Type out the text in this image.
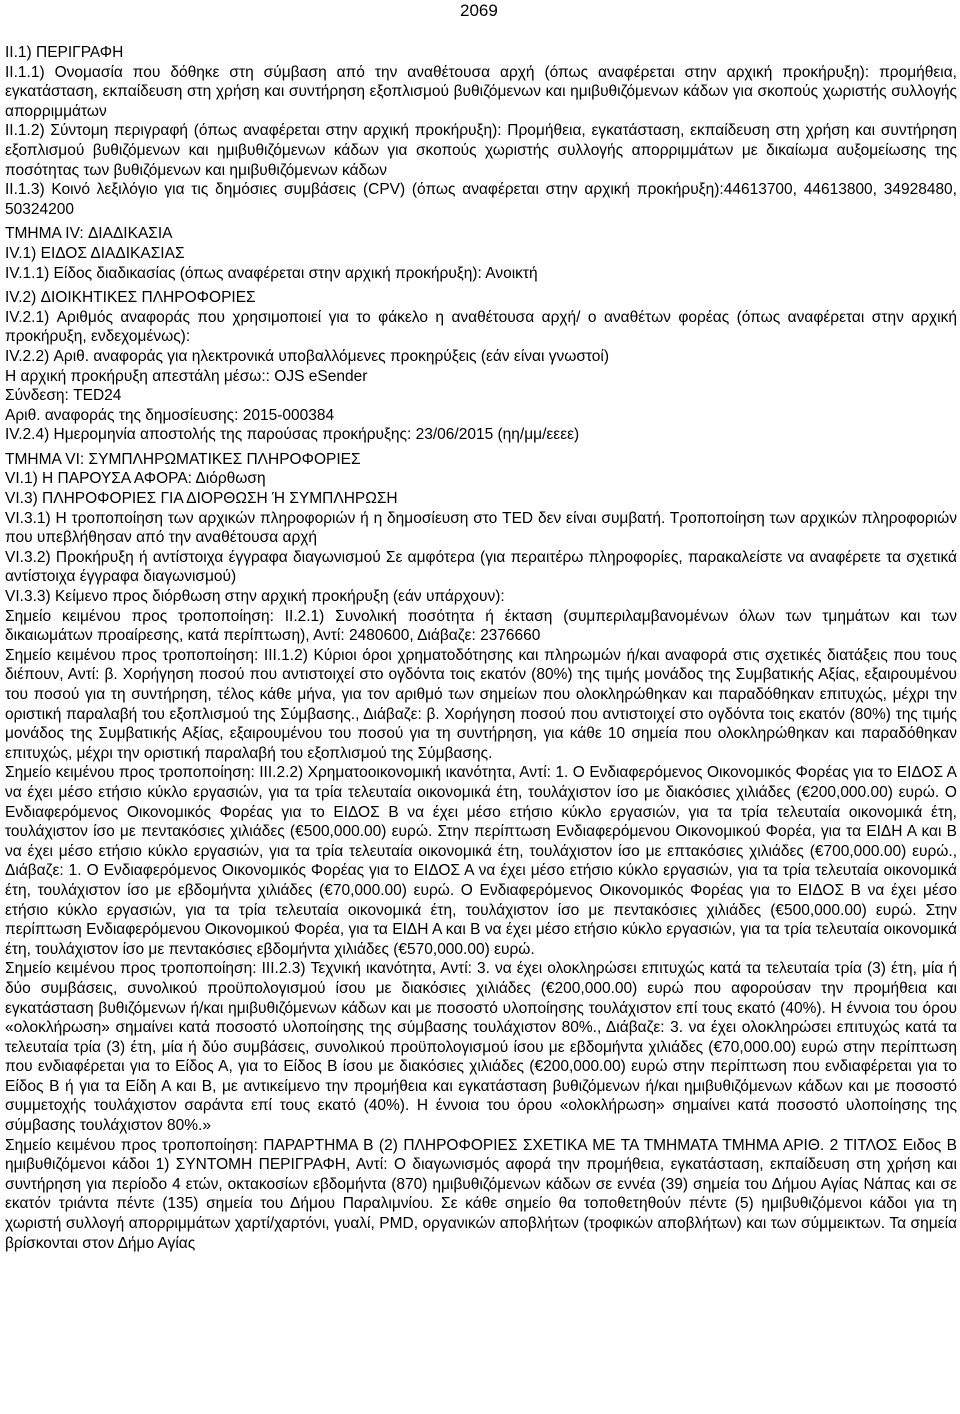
2069

II.1) ΠΕΡΙΓΡΑΦΗ

II.1.1) Ονομασία που δόθηκε στη σύμβαση από την αναθέτουσα αρχή (όπως αναφέρεται στην αρχική προκήρυξη): προμήθεια, εγκατάσταση, εκπαίδευση στη χρήση και συντήρηση εξοπλισμού βυθιζόμενων και ημιβυθιζόμενων κάδων για σκοπούς χωριστής συλλογής απορριμμάτων

II.1.2) Σύντομη περιγραφή (όπως αναφέρεται στην αρχική προκήρυξη): Προμήθεια, εγκατάσταση, εκπαίδευση στη χρήση και συντήρηση εξοπλισμού βυθιζόμενων και ημιβυθιζόμενων κάδων για σκοπούς χωριστής συλλογής απορριμμάτων με δικαίωμα αυξομείωσης της ποσότητας των βυθιζόμενων και ημιβυθιζόμενων κάδων

II.1.3) Κοινό λεξιλόγιο για τις δημόσιες συμβάσεις (CPV) (όπως αναφέρεται στην αρχική προκήρυξη):44613700, 44613800, 34928480, 50324200

ΤΜΗΜΑ IV: ΔΙΑΔΙΚΑΣΙΑ

IV.1) ΕΙΔΟΣ ΔΙΑΔΙΚΑΣΙΑΣ

IV.1.1) Είδος διαδικασίας (όπως αναφέρεται στην αρχική προκήρυξη): Ανοικτή

IV.2) ΔΙΟΙΚΗΤΙΚΕΣ ΠΛΗΡΟΦΟΡΙΕΣ

IV.2.1) Αριθμός αναφοράς που χρησιμοποιεί για το φάκελο η αναθέτουσα αρχή/ ο αναθέτων φορέας (όπως αναφέρεται στην αρχική προκήρυξη, ενδεχομένως):

IV.2.2) Αριθ. αναφοράς για ηλεκτρονικά υποβαλλόμενες προκηρύξεις (εάν είναι γνωστοί)

Η αρχική προκήρυξη απεστάλη μέσω:: OJS eSender

Σύνδεση: TED24

Αριθ. αναφοράς της δημοσίευσης: 2015-000384

IV.2.4) Ημερομηνία αποστολής της παρούσας προκήρυξης: 23/06/2015 (ηη/μμ/εεεε)

ΤΜΗΜΑ VI: ΣΥΜΠΛΗΡΩΜΑΤΙΚΕΣ ΠΛΗΡΟΦΟΡΙΕΣ

VI.1) Η ΠΑΡΟΥΣΑ ΑΦΟΡΑ: Διόρθωση

VI.3) ΠΛΗΡΟΦΟΡΙΕΣ ΓΙΑ ΔΙΟΡΘΩΣΗ Ή ΣΥΜΠΛΗΡΩΣΗ

VI.3.1) Η τροποποίηση των αρχικών πληροφοριών ή η δημοσίευση στο TED δεν είναι συμβατή. Τροποποίηση των αρχικών πληροφοριών που υπεβλήθησαν από την αναθέτουσα αρχή

VI.3.2) Προκήρυξη ή αντίστοιχα έγγραφα διαγωνισμού Σε αμφότερα (για περαιτέρω πληροφορίες, παρακαλείστε να αναφέρετε τα σχετικά αντίστοιχα έγγραφα διαγωνισμού)

VI.3.3) Κείμενο προς διόρθωση στην αρχική προκήρυξη (εάν υπάρχουν):

Σημείο κειμένου προς τροποποίηση: II.2.1) Συνολική ποσότητα ή έκταση (συμπεριλαμβανομένων όλων των τμημάτων και των δικαιωμάτων προαίρεσης, κατά περίπτωση), Αντί: 2480600, Διάβαζε: 2376660

Σημείο κειμένου προς τροποποίηση: III.1.2) Κύριοι όροι χρηματοδότησης και πληρωμών ή/και αναφορά στις σχετικές διατάξεις που τους διέπουν, Αντί: β. Χορήγηση ποσού που αντιστοιχεί στο ογδόντα τοις εκατόν (80%) της τιμής μονάδος της Συμβατικής Αξίας, εξαιρουμένου του ποσού για τη συντήρηση, τέλος κάθε μήνα, για τον αριθμό των σημείων που ολοκληρώθηκαν και παραδόθηκαν επιτυχώς, μέχρι την οριστική παραλαβή του εξοπλισμού της Σύμβασης., Διάβαζε: β. Χορήγηση ποσού που αντιστοιχεί στο ογδόντα τοις εκατόν (80%) της τιμής μονάδος της Συμβατικής Αξίας, εξαιρουμένου του ποσού για τη συντήρηση, για κάθε 10 σημεία που ολοκληρώθηκαν και παραδόθηκαν επιτυχώς, μέχρι την οριστική παραλαβή του εξοπλισμού της Σύμβασης.

Σημείο κειμένου προς τροποποίηση: III.2.2) Χρηματοοικονομική ικανότητα, Αντί: 1. Ο Ενδιαφερόμενος Οικονομικός Φορέας για το ΕΙΔΟΣ Α να έχει μέσο ετήσιο κύκλο εργασιών, για τα τρία τελευταία οικονομικά έτη, τουλάχιστον ίσο με διακόσιες χιλιάδες (€200,000.00) ευρώ. Ο Ενδιαφερόμενος Οικονομικός Φορέας για το ΕΙΔΟΣ Β να έχει μέσο ετήσιο κύκλο εργασιών, για τα τρία τελευταία οικονομικά έτη, τουλάχιστον ίσο με πεντακόσιες χιλιάδες (€500,000.00) ευρώ. Στην περίπτωση Ενδιαφερόμενου Οικονομικού Φορέα, για τα ΕΙΔΗ Α και Β να έχει μέσο ετήσιο κύκλο εργασιών, για τα τρία τελευταία οικονομικά έτη, τουλάχιστον ίσο με επτακόσιες χιλιάδες (€700,000.00) ευρώ., Διάβαζε: 1. Ο Ενδιαφερόμενος Οικονομικός Φορέας για το ΕΙΔΟΣ Α να έχει μέσο ετήσιο κύκλο εργασιών, για τα τρία τελευταία οικονομικά έτη, τουλάχιστον ίσο με εβδομήντα χιλιάδες (€70,000.00) ευρώ. Ο Ενδιαφερόμενος Οικονομικός Φορέας για το ΕΙΔΟΣ Β να έχει μέσο ετήσιο κύκλο εργασιών, για τα τρία τελευταία οικονομικά έτη, τουλάχιστον ίσο με πεντακόσιες χιλιάδες (€500,000.00) ευρώ. Στην περίπτωση Ενδιαφερόμενου Οικονομικού Φορέα, για τα ΕΙΔΗ Α και Β να έχει μέσο ετήσιο κύκλο εργασιών, για τα τρία τελευταία οικονομικά έτη, τουλάχιστον ίσο με πεντακόσιες εβδομήντα χιλιάδες (€570,000.00) ευρώ.

Σημείο κειμένου προς τροποποίηση: III.2.3) Τεχνική ικανότητα, Αντί: 3. να έχει ολοκληρώσει επιτυχώς κατά τα τελευταία τρία (3) έτη, μία ή δύο συμβάσεις, συνολικού προϋπολογισμού ίσου με διακόσιες χιλιάδες (€200,000.00) ευρώ που αφορούσαν την προμήθεια και εγκατάσταση βυθιζόμενων ή/και ημιβυθιζόμενων κάδων και με ποσοστό υλοποίησης τουλάχιστον επί τους εκατό (40%). Η έννοια του όρου «ολοκλήρωση» σημαίνει κατά ποσοστό υλοποίησης της σύμβασης τουλάχιστον 80%., Διάβαζε: 3. να έχει ολοκληρώσει επιτυχώς κατά τα τελευταία τρία (3) έτη, μία ή δύο συμβάσεις, συνολικού προϋπολογισμού ίσου με εβδομήντα χιλιάδες (€70,000.00) ευρώ στην περίπτωση που ενδιαφέρεται για το Είδος Α, για το Είδος Β ίσου με διακόσιες χιλιάδες (€200,000.00) ευρώ στην περίπτωση που ενδιαφέρεται για το Είδος Β ή για τα Είδη Α και Β, με αντικείμενο την προμήθεια και εγκατάσταση βυθιζόμενων ή/και ημιβυθιζόμενων κάδων και με ποσοστό συμμετοχής τουλάχιστον σαράντα επί τους εκατό (40%). Η έννοια του όρου «ολοκλήρωση» σημαίνει κατά ποσοστό υλοποίησης της σύμβασης τουλάχιστον 80%.»

Σημείο κειμένου προς τροποποίηση: ΠΑΡΑΡΤΗΜΑ Β (2) ΠΛΗΡΟΦΟΡΙΕΣ ΣΧΕΤΙΚΑ ΜΕ ΤΑ ΤΜΗΜΑΤΑ ΤΜΗΜΑ ΑΡΙΘ. 2 ΤΙΤΛΟΣ Ειδος Β ημιβυθιζόμενοι κάδοι 1) ΣΥΝΤΟΜΗ ΠΕΡΙΓΡΑΦΗ, Αντί: Ο διαγωνισμός αφορά την προμήθεια, εγκατάσταση, εκπαίδευση στη χρήση και συντήρηση για περίοδο 4 ετών, οκτακοσίων εβδομήντα (870) ημιβυθιζόμενων κάδων σε εννέα (39) σημεία του Δήμου Αγίας Νάπας και σε εκατόν τριάντα πέντε (135) σημεία του Δήμου Παραλιμνίου. Σε κάθε σημείο θα τοποθετηθούν πέντε (5) ημιβυθιζόμενοι κάδοι για τη χωριστή συλλογή απορριμμάτων χαρτί/χαρτόνι, γυαλί, PMD, οργανικών αποβλήτων (τροφικών αποβλήτων) και των σύμμεικτων. Τα σημεία βρίσκονται στον Δήμο Αγίας
